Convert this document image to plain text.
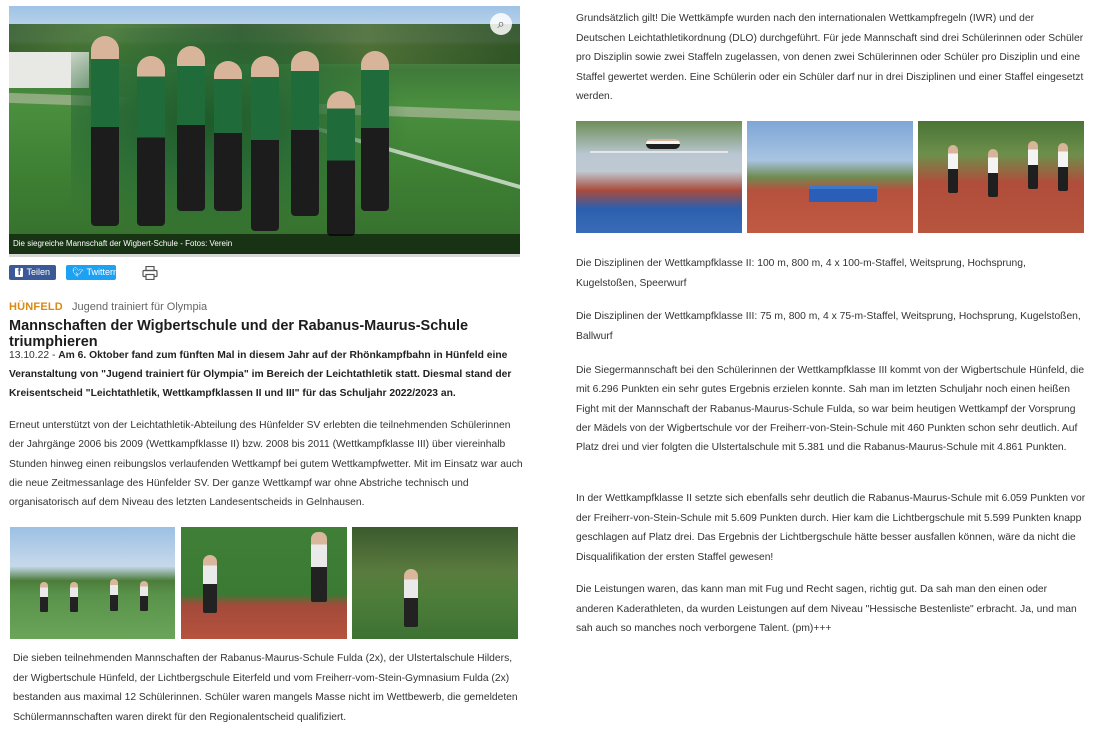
⌕
Die siegreiche Mannschaft der Wigbert-Schule - Fotos: Verein
f Teilen 🐦︎ Twittern
HÜNFELD Jugend trainiert für Olympia
Mannschaften der Wigbertschule und der Rabanus-Maurus-Schule triumphieren

13.10.22 - Am 6. Oktober fand zum fünften Mal in diesem Jahr auf der Rhönkampfbahn in Hünfeld eine Veranstaltung von "Jugend trainiert für Olympia" im Bereich der Leichtathletik statt. Diesmal stand der Kreisentscheid "Leichtathletik, Wettkampfklassen II und III" für das Schuljahr 2022/2023 an.

Erneut unterstützt von der Leichtathletik-Abteilung des Hünfelder SV erlebten die teilnehmenden Schülerinnen der Jahrgänge 2006 bis 2009 (Wettkampfklasse II) bzw. 2008 bis 2011 (Wettkampfklasse III) über viereinhalb Stunden hinweg einen reibungslos verlaufenden Wettkampf bei gutem Wettkampfwetter. Mit im Einsatz war auch die neue Zeitmessanlage des Hünfelder SV. Der ganze Wettkampf war ohne Abstriche technisch und organisatorisch auf dem Niveau des letzten Landesentscheids in Gelnhausen.

Die sieben teilnehmenden Mannschaften der Rabanus-Maurus-Schule Fulda (2x), der Ulstertalschule Hilders, der Wigbertschule Hünfeld, der Lichtbergschule Eiterfeld und vom Freiherr-vom-Stein-Gymnasium Fulda (2x) bestanden aus maximal 12 Schülerinnen. Schüler waren mangels Masse nicht im Wettbewerb, die gemeldeten Schülermannschaften waren direkt für den Regionalentscheid qualifiziert.

Grundsätzlich gilt! Die Wettkämpfe wurden nach den internationalen Wettkampfregeln (IWR) und der Deutschen Leichtathletikordnung (DLO) durchgeführt. Für jede Mannschaft sind drei Schülerinnen oder Schüler pro Disziplin sowie zwei Staffeln zugelassen, von denen zwei Schülerinnen oder Schüler pro Disziplin und eine Staffel gewertet werden. Eine Schülerin oder ein Schüler darf nur in drei Disziplinen und einer Staffel eingesetzt werden.

Die Disziplinen der Wettkampfklasse II: 100 m, 800 m, 4 x 100-m-Staffel, Weitsprung, Hochsprung, Kugelstoßen, Speerwurf

Die Disziplinen der Wettkampfklasse III: 75 m, 800 m, 4 x 75-m-Staffel, Weitsprung, Hochsprung, Kugelstoßen, Ballwurf

Die Siegermannschaft bei den Schülerinnen der Wettkampfklasse III kommt von der Wigbertschule Hünfeld, die mit 6.296 Punkten ein sehr gutes Ergebnis erzielen konnte. Sah man im letzten Schuljahr noch einen heißen Fight mit der Mannschaft der Rabanus-Maurus-Schule Fulda, so war beim heutigen Wettkampf der Vorsprung der Mädels von der Wigbertschule vor der Freiherr-von-Stein-Schule mit 460 Punkten schon sehr deutlich. Auf Platz drei und vier folgten die Ulstertalschule mit 5.381 und die Rabanus-Maurus-Schule mit 4.861 Punkten.

In der Wettkampfklasse II setzte sich ebenfalls sehr deutlich die Rabanus-Maurus-Schule mit 6.059 Punkten vor der Freiherr-von-Stein-Schule mit 5.609 Punkten durch. Hier kam die Lichtbergschule mit 5.599 Punkten knapp geschlagen auf Platz drei. Das Ergebnis der Lichtbergschule hätte besser ausfallen können, wäre da nicht die Disqualifikation der ersten Staffel gewesen!

Die Leistungen waren, das kann man mit Fug und Recht sagen, richtig gut. Da sah man den einen oder anderen Kaderathleten, da wurden Leistungen auf dem Niveau "Hessische Bestenliste" erbracht. Ja, und man sah auch so manches noch verborgene Talent. (pm)+++
